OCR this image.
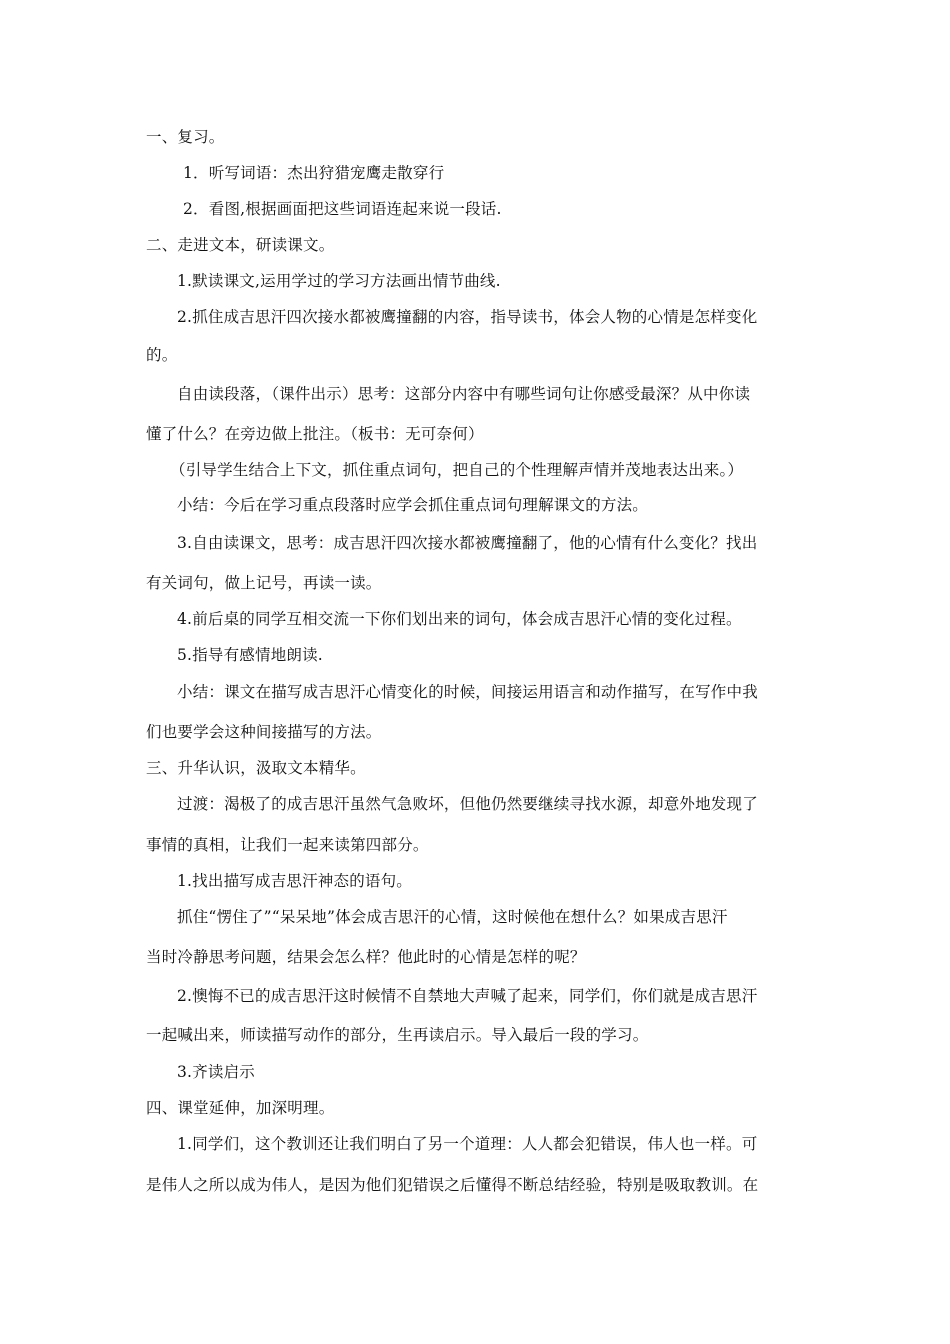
一、复习。
1．听写词语：杰出狩猎宠鹰走散穿行
2．看图,根据画面把这些词语连起来说一段话.
二、走进文本，研读课文。
1.默读课文,运用学过的学习方法画出情节曲线.
2.抓住成吉思汗四次接水都被鹰撞翻的内容，指导读书，体会人物的心情是怎样变化
的。
自由读段落，（课件出示）思考：这部分内容中有哪些词句让你感受最深？从中你读
懂了什么？在旁边做上批注。（板书：无可奈何）
（引导学生结合上下文，抓住重点词句，把自己的个性理解声情并茂地表达出来。）
小结：今后在学习重点段落时应学会抓住重点词句理解课文的方法。
3.自由读课文，思考：成吉思汗四次接水都被鹰撞翻了，他的心情有什么变化？找出
有关词句，做上记号，再读一读。
4.前后桌的同学互相交流一下你们划出来的词句，体会成吉思汗心情的变化过程。
5.指导有感情地朗读.
小结：课文在描写成吉思汗心情变化的时候，间接运用语言和动作描写，在写作中我
们也要学会这种间接描写的方法。
三、升华认识，汲取文本精华。
过渡：渴极了的成吉思汗虽然气急败坏，但他仍然要继续寻找水源，却意外地发现了
事情的真相，让我们一起来读第四部分。
1.找出描写成吉思汗神态的语句。
抓住“愣住了”“呆呆地”体会成吉思汗的心情，这时候他在想什么？如果成吉思汗
当时冷静思考问题，结果会怎么样？他此时的心情是怎样的呢？
2.懊悔不已的成吉思汗这时候情不自禁地大声喊了起来，同学们，你们就是成吉思汗
一起喊出来，师读描写动作的部分，生再读启示。导入最后一段的学习。
3.齐读启示
四、课堂延伸，加深明理。
1.同学们，这个教训还让我们明白了另一个道理：人人都会犯错误，伟人也一样。可
是伟人之所以成为伟人，是因为他们犯错误之后懂得不断总结经验，特别是吸取教训。在
